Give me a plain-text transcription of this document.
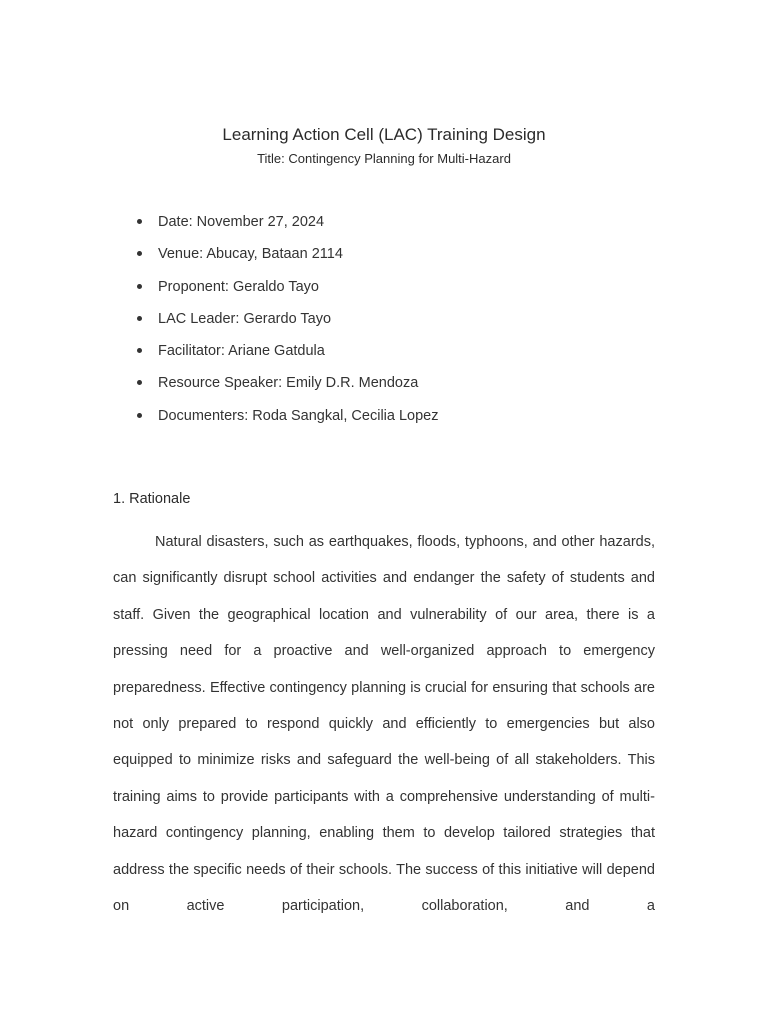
Learning Action Cell (LAC) Training Design
Title: Contingency Planning for Multi-Hazard
Date: November 27, 2024
Venue: Abucay, Bataan 2114
Proponent: Geraldo Tayo
LAC Leader: Gerardo Tayo
Facilitator: Ariane Gatdula
Resource Speaker: Emily D.R. Mendoza
Documenters: Roda Sangkal, Cecilia Lopez
1. Rationale

Natural disasters, such as earthquakes, floods, typhoons, and other hazards, can significantly disrupt school activities and endanger the safety of students and staff. Given the geographical location and vulnerability of our area, there is a pressing need for a proactive and well-organized approach to emergency preparedness. Effective contingency planning is crucial for ensuring that schools are not only prepared to respond quickly and efficiently to emergencies but also equipped to minimize risks and safeguard the well-being of all stakeholders. This training aims to provide participants with a comprehensive understanding of multi-hazard contingency planning, enabling them to develop tailored strategies that address the specific needs of their schools. The success of this initiative will depend on active participation, collaboration, and a
